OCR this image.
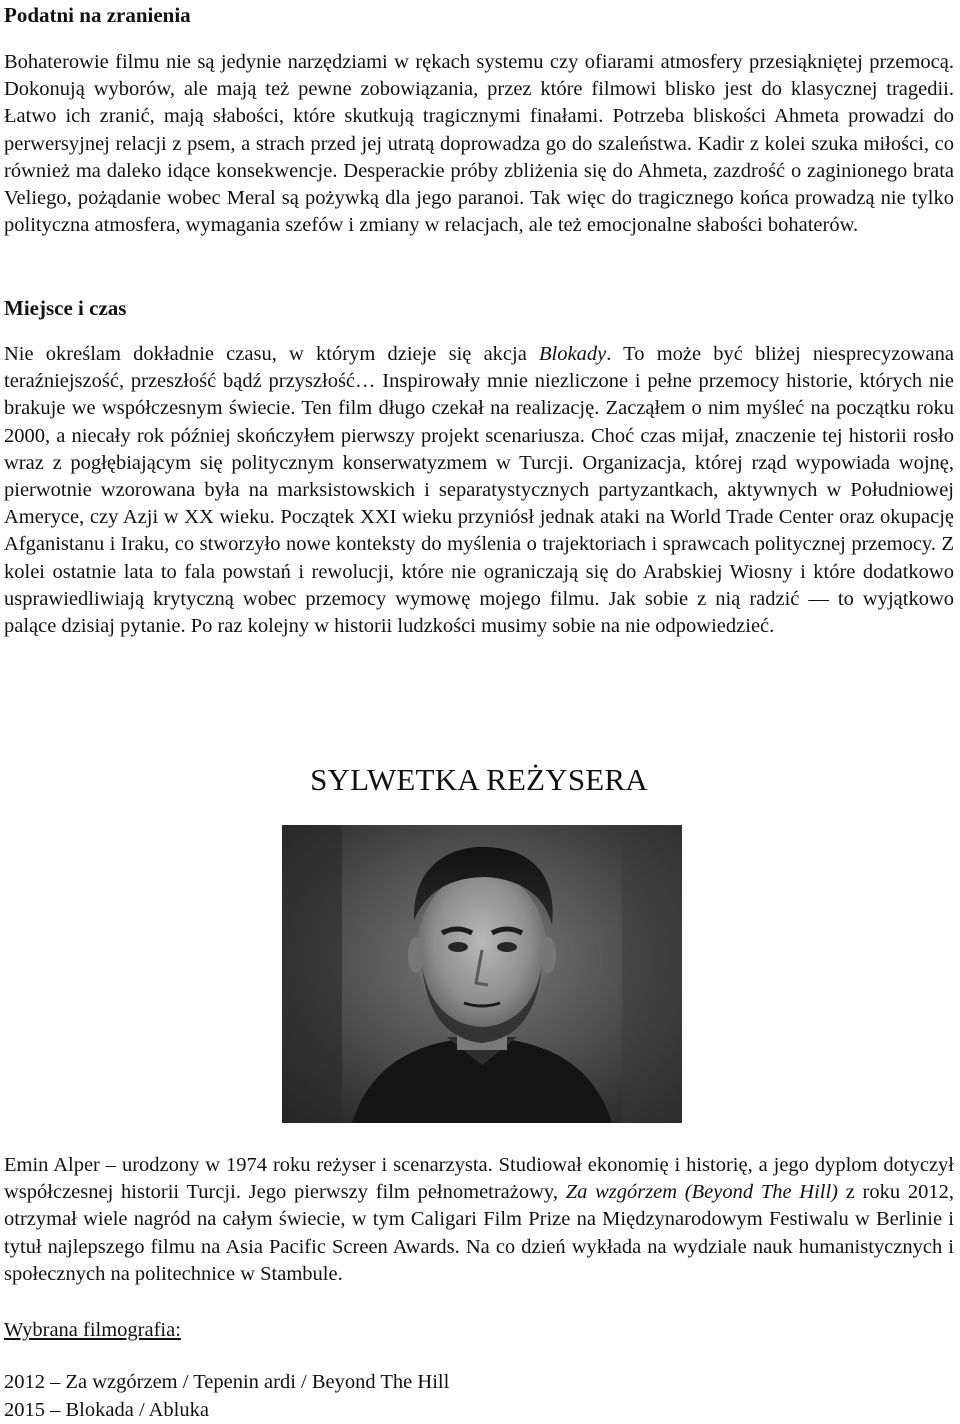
Podatni na zranienia

Bohaterowie filmu nie są jedynie narzędziami w rękach systemu czy ofiarami atmosfery przesiąkniętej przemocą. Dokonują wyborów, ale mają też pewne zobowiązania, przez które filmowi blisko jest do klasycznej tragedii. Łatwo ich zranić, mają słabości, które skutkują tragicznymi finałami. Potrzeba bliskości Ahmeta prowadzi do perwersyjnej relacji z psem, a strach przed jej utratą doprowadza go do szaleństwa. Kadir z kolei szuka miłości, co również ma daleko idące konsekwencje. Desperackie próby zbliżenia się do Ahmeta, zazdrość o zaginionego brata Veliego, pożądanie wobec Meral są pożywką dla jego paranoi. Tak więc do tragicznego końca prowadzą nie tylko polityczna atmosfera, wymagania szefów i zmiany w relacjach, ale też emocjonalne słabości bohaterów.

Miejsce i czas

Nie określam dokładnie czasu, w którym dzieje się akcja Blokady. To może być bliżej niesprecyzowana teraźniejszość, przeszłość bądź przyszłość… Inspirowały mnie niezliczone i pełne przemocy historie, których nie brakuje we współczesnym świecie. Ten film długo czekał na realizację. Zacząłem o nim myśleć na początku roku 2000, a niecały rok później skończyłem pierwszy projekt scenariusza. Choć czas mijał, znaczenie tej historii rosło wraz z pogłębiającym się politycznym konserwatyzmem w Turcji. Organizacja, której rząd wypowiada wojnę, pierwotnie wzorowana była na marksistowskich i separatystycznych partyzantkach, aktywnych w Południowej Ameryce, czy Azji w XX wieku. Początek XXI wieku przyniósł jednak ataki na World Trade Center oraz okupację Afganistanu i Iraku, co stworzyło nowe konteksty do myślenia o trajektoriach i sprawcach politycznej przemocy. Z kolei ostatnie lata to fala powstań i rewolucji, które nie ograniczają się do Arabskiej Wiosny i które dodatkowo usprawiedliwiają krytyczną wobec przemocy wymowę mojego filmu. Jak sobie z nią radzić — to wyjątkowo palące dzisiaj pytanie. Po raz kolejny w historii ludzkości musimy sobie na nie odpowiedzieć.

SYLWETKA REŻYSERA

Emin Alper – urodzony w 1974 roku reżyser i scenarzysta. Studiował ekonomię i historię, a jego dyplom dotyczył współczesnej historii Turcji. Jego pierwszy film pełnometrażowy, Za wzgórzem (Beyond The Hill) z roku 2012, otrzymał wiele nagród na całym świecie, w tym Caligari Film Prize na Międzynarodowym Festiwalu w Berlinie i tytuł najlepszego filmu na Asia Pacific Screen Awards. Na co dzień wykłada na wydziale nauk humanistycznych i społecznych na politechnice w Stambule.

Wybrana filmografia:

2012 – Za wzgórzem / Tepenin ardi / Beyond The Hill
2015 – Blokada / Abluka
